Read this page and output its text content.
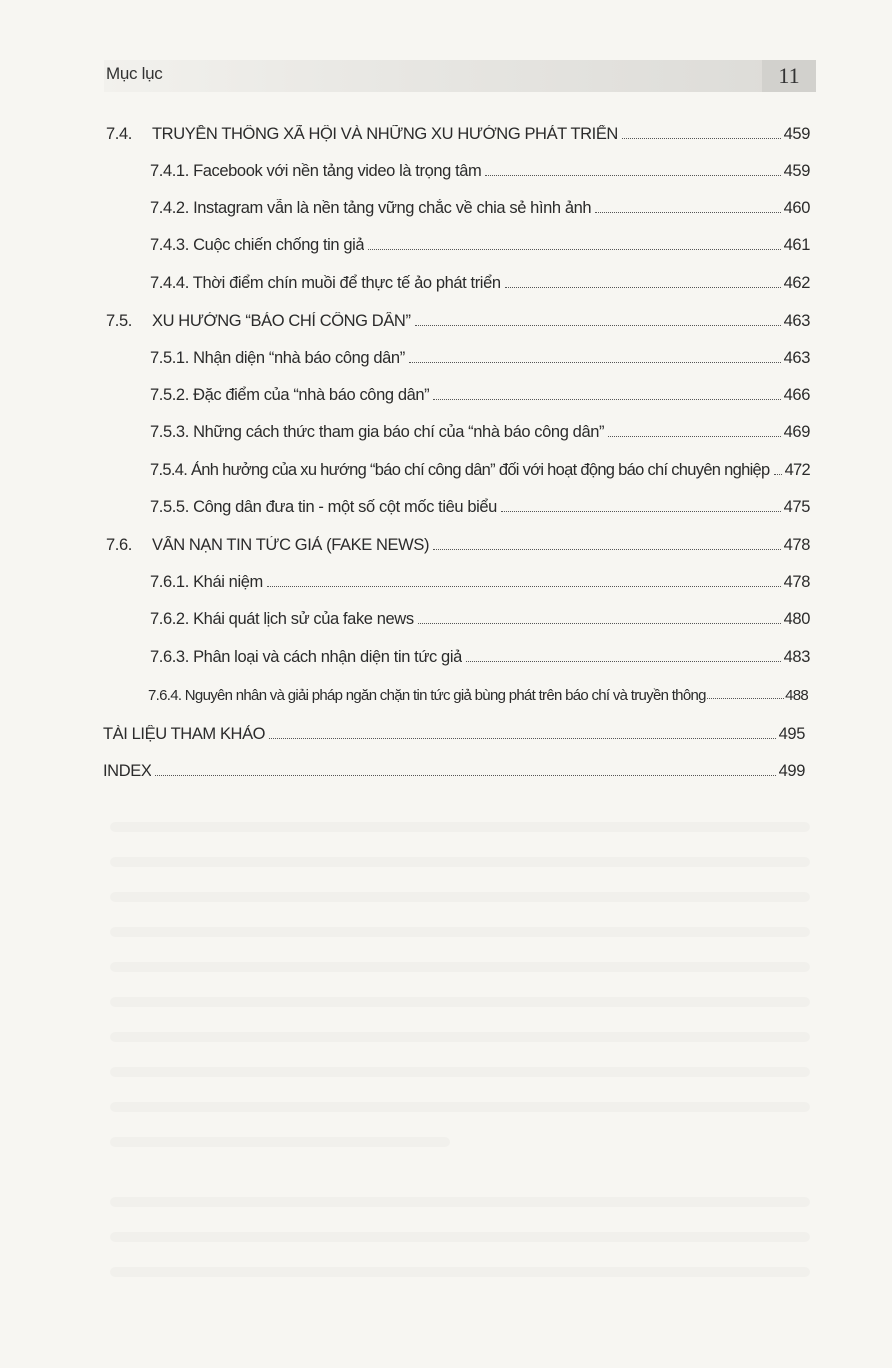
Mục lục	11
7.4.	TRUYỀN THÔNG XÃ HỘI VÀ NHỮNG XU HƯỚNG PHÁT TRIỂN	459
7.4.1. Facebook với nền tảng video là trọng tâm	459
7.4.2. Instagram vẫn là nền tảng vững chắc về chia sẻ hình ảnh	460
7.4.3. Cuộc chiến chống tin giả	461
7.4.4. Thời điểm chín muồi để thực tế ảo phát triển	462
7.5.	XU HƯỚNG “BÁO CHÍ CÔNG DÂN”	463
7.5.1. Nhận diện “nhà báo công dân”	463
7.5.2. Đặc điểm của “nhà báo công dân”	466
7.5.3. Những cách thức tham gia báo chí của “nhà báo công dân”	469
7.5.4. Ảnh hưởng của xu hướng “báo chí công dân” đối với hoạt động báo chí chuyên nghiệp 472
7.5.5. Công dân đưa tin - một số cột mốc tiêu biểu	475
7.6.	VẤN NẠN TIN TỨC GIẢ (FAKE NEWS)	478
7.6.1. Khái niệm	478
7.6.2. Khái quát lịch sử của fake news	480
7.6.3. Phân loại và cách nhận diện tin tức giả	483
7.6.4. Nguyên nhân và giải pháp ngăn chặn tin tức giả bùng phát trên báo chí và truyền thông	488
TÀI LIỆU THAM KHẢO	495
INDEX	499
